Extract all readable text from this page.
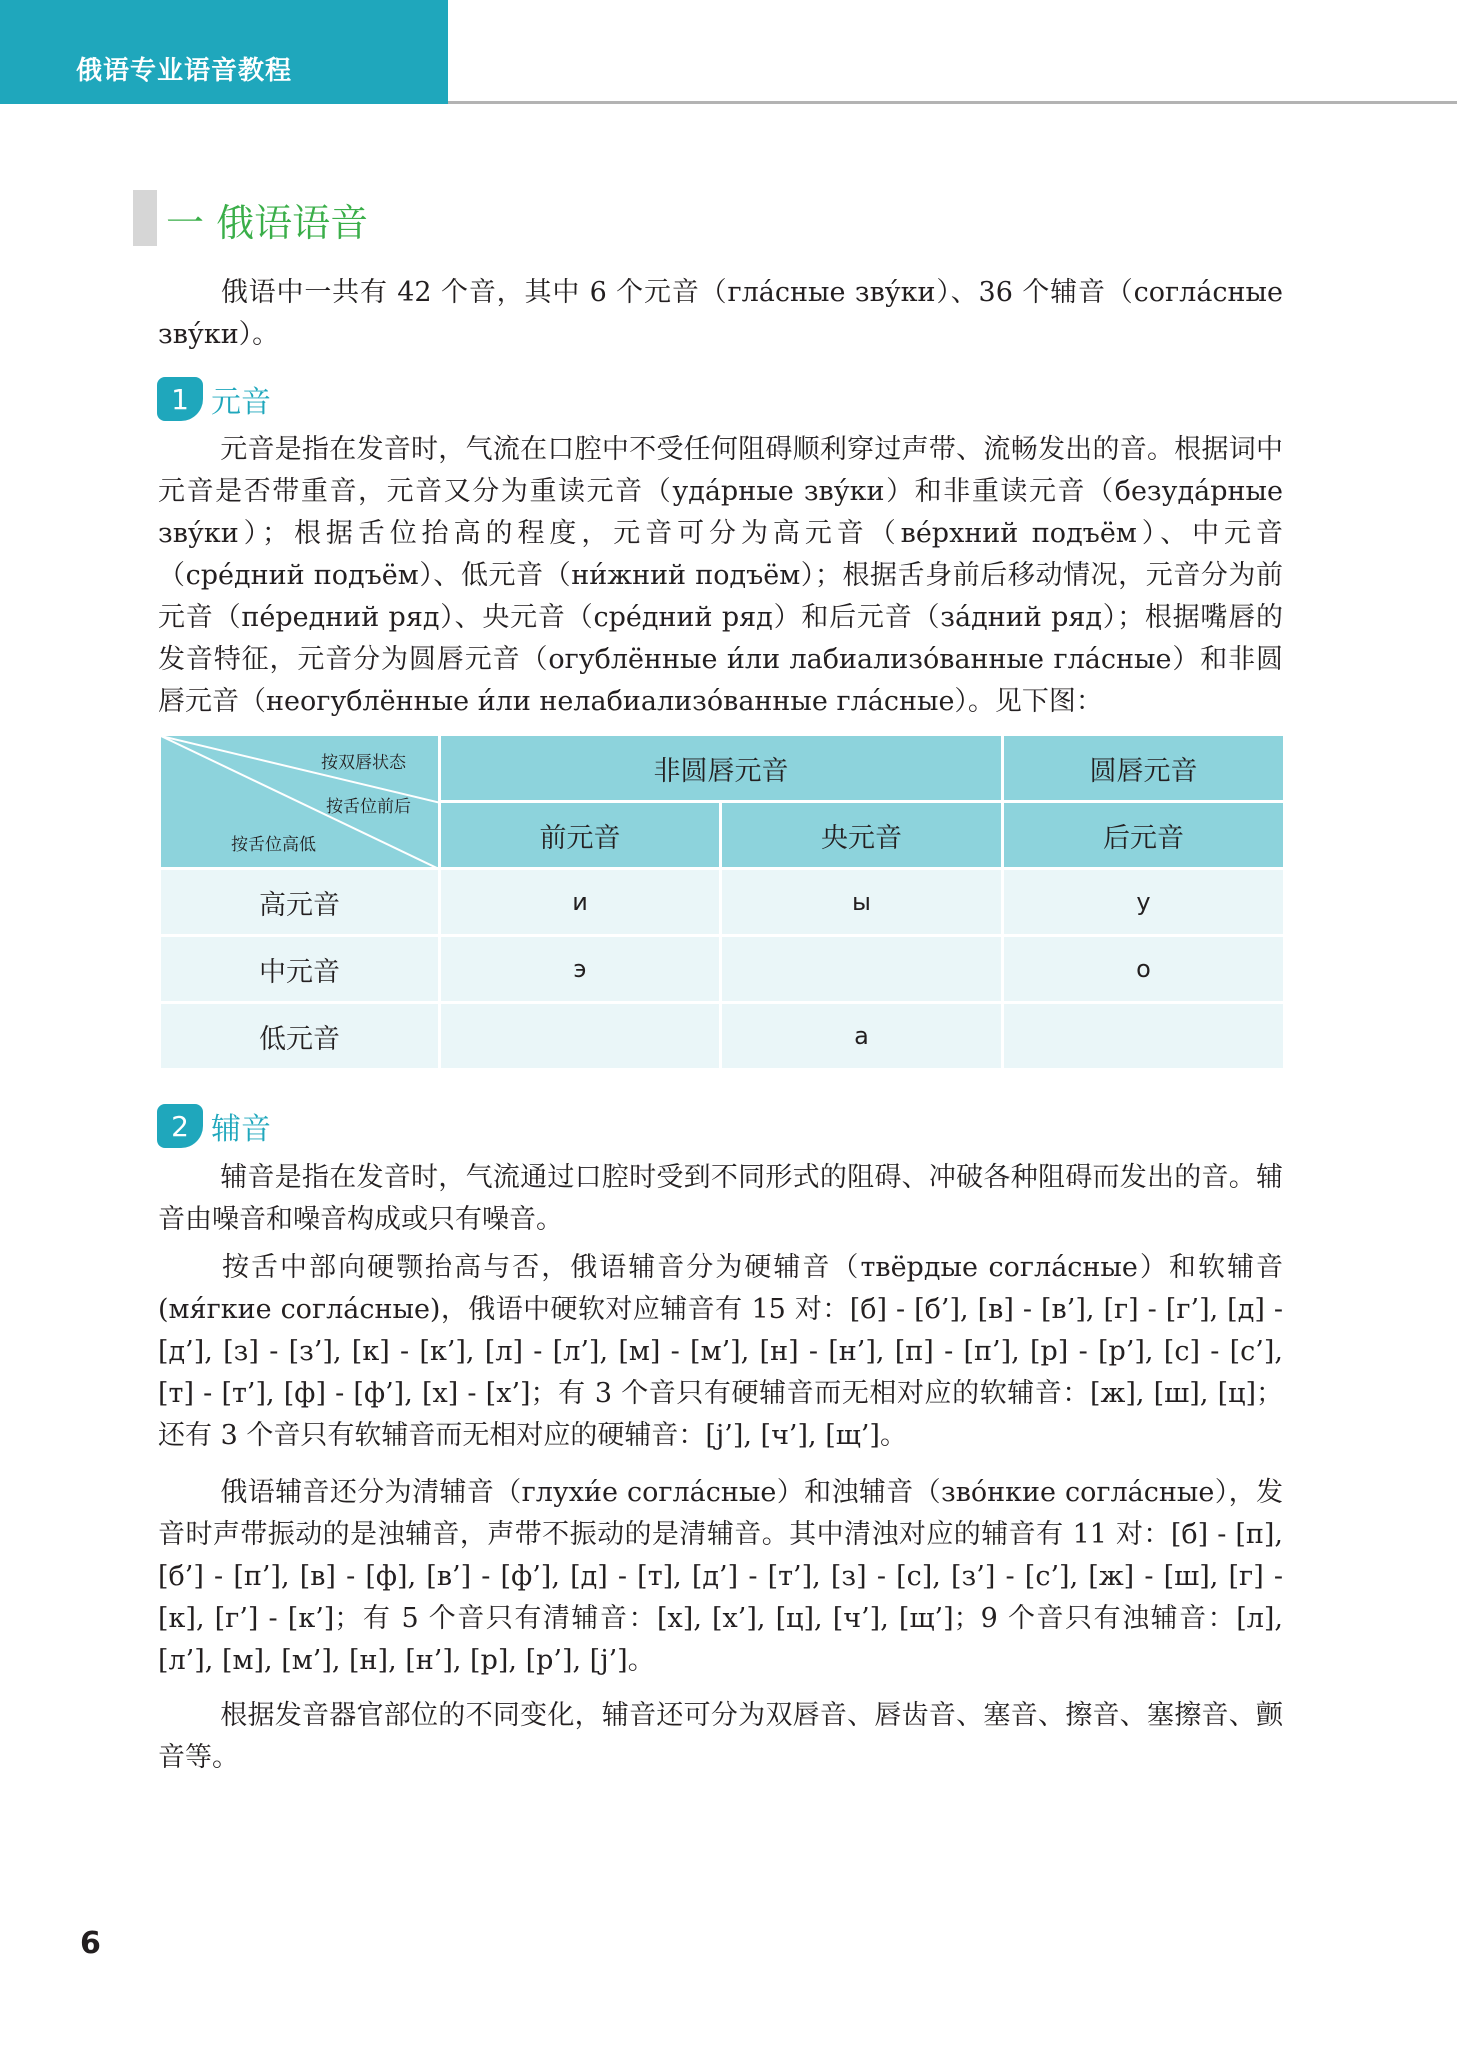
俄语专业语音教程
一 俄语语音

俄语中一共有 42 个音，其中 6 个元音（гла́сные зву́ки）、36 个辅音（согла́сные зву́ки）。

1 元音

元音是指在发音时，气流在口腔中不受任何阻碍顺利穿过声带、流畅发出的音。根据词中元音是否带重音，元音又分为重读元音（уда́рные зву́ки）和非重读元音（безуда́рные зву́ки）；根据舌位抬高的程度，元音可分为高元音（ве́рхний подъём）、中元音（сре́дний подъём）、低元音（ни́жний подъём）；根据舌身前后移动情况，元音分为前元音（пе́редний ряд）、央元音（сре́дний ряд）和后元音（за́дний ряд）；根据嘴唇的发音特征，元音分为圆唇元音（огублённые и́ли лабиализо́ванные гла́сные）和非圆唇元音（неогублённые и́ли нелабиализо́ванные гла́сные）。见下图：

按双唇状态
按舌位前后
按舌位高低	非圆唇元音		圆唇元音
	前元音	央元音	后元音
高元音	и	ы	у
中元音	э		о
低元音		а	
2 辅音

辅音是指在发音时，气流通过口腔时受到不同形式的阻碍、冲破各种阻碍而发出的音。辅音由噪音和噪音构成或只有噪音。

按舌中部向硬颚抬高与否，俄语辅音分为硬辅音（твёрдые согла́сные）和软辅音(мя́гкие согла́сные)，俄语中硬软对应辅音有 15 对：[б] - [б’], [в] - [в’], [г] - [г’], [д] - [д’], [з] - [з’], [к] - [к’], [л] - [л’], [м] - [м’], [н] - [н’], [п] - [п’], [р] - [р’], [с] - [с’], [т] - [т’], [ф] - [ф’], [х] - [х’]；有 3 个音只有硬辅音而无相对应的软辅音：[ж], [ш], [ц]；还有 3 个音只有软辅音而无相对应的硬辅音：[j’], [ч’], [щ’]。

俄语辅音还分为清辅音（глухи́е согла́сные）和浊辅音（зво́нкие согла́сные），发音时声带振动的是浊辅音，声带不振动的是清辅音。其中清浊对应的辅音有 11 对：[б] - [п], [б’] - [п’], [в] - [ф], [в’] - [ф’], [д] - [т], [д’] - [т’], [з] - [с], [з’] - [с’], [ж] - [ш], [г] - [к], [г’] - [к’]；有 5 个音只有清辅音：[х], [х’], [ц], [ч’], [щ’]；9 个音只有浊辅音：[л], [л’], [м], [м’], [н], [н’], [р], [р’], [j’]。

根据发音器官部位的不同变化，辅音还可分为双唇音、唇齿音、塞音、擦音、塞擦音、颤音等。

6
